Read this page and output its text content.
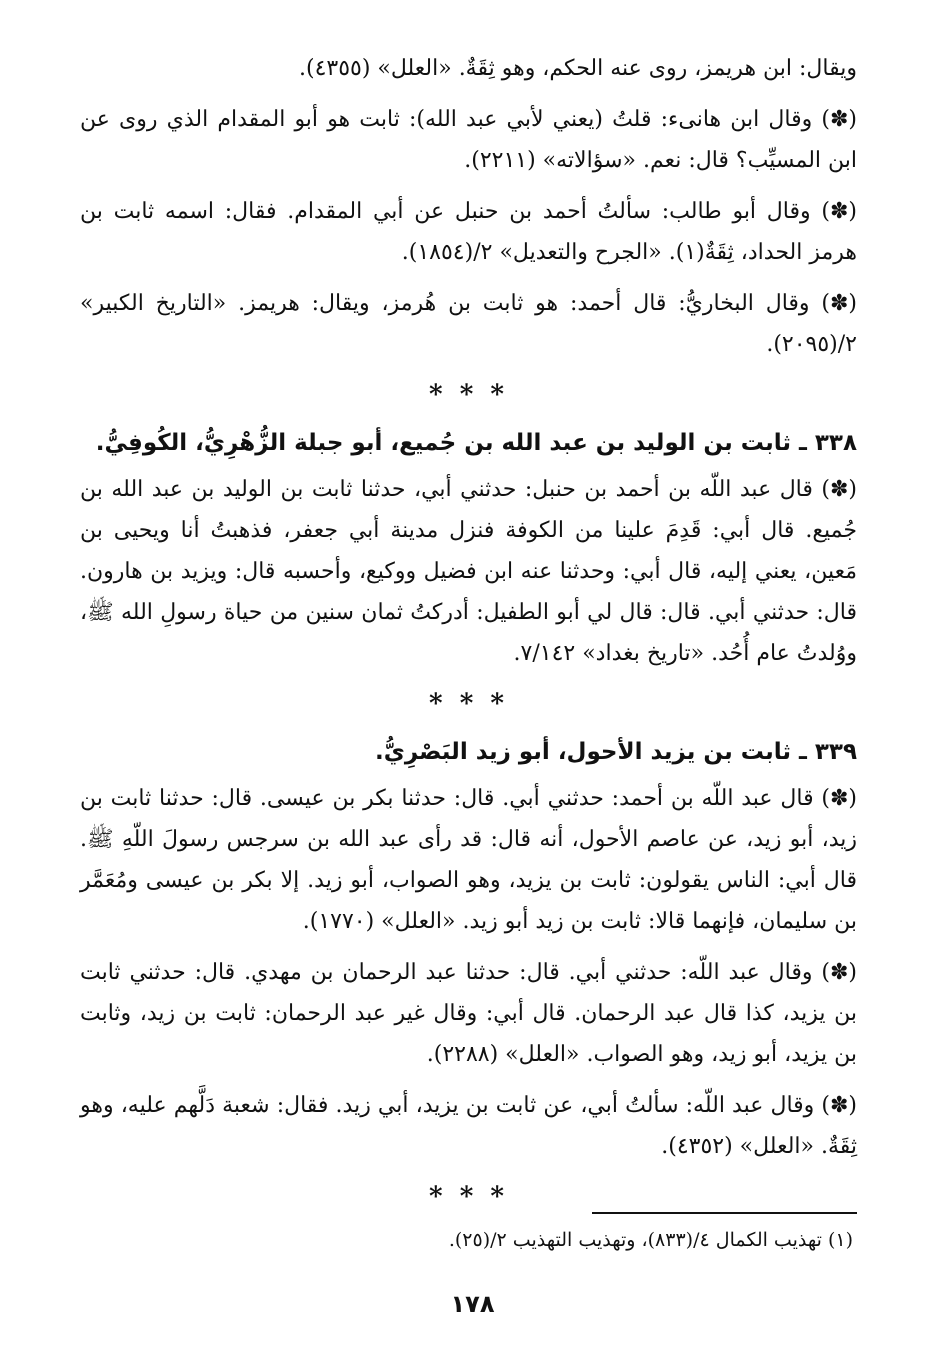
ويقال: ابن هريمز، روى عنه الحكم، وهو ثِقَةٌ. «العلل» (٤٣٥٥).

(✽) وقال ابن هانىء: قلتُ (يعني لأبي عبد الله): ثابت هو أبو المقدام الذي روى عن ابن المسيِّب؟ قال: نعم. «سؤالاته» (٢٢١١).

(✽) وقال أبو طالب: سألتُ أحمد بن حنبل عن أبي المقدام. فقال: اسمه ثابت بن هرمز الحداد، ثِقَةٌ(١). «الجرح والتعديل» ٢/(١٨٥٤).

(✽) وقال البخاريُّ: قال أحمد: هو ثابت بن هُرمز، ويقال: هريمز. «التاريخ الكبير» ٢/(٢٠٩٥).

* * *
٣٣٨ ـ ثابت بن الوليد بن عبد الله بن جُميع، أبو جبلة الزُّهْرِيُّ، الكُوفِيُّ.

(✽) قال عبد اللّه بن أحمد بن حنبل: حدثني أبي، حدثنا ثابت بن الوليد بن عبد الله بن جُميع. قال أبي: قَدِمَ علينا من الكوفة فنزل مدينة أبي جعفر، فذهبتُ أنا ويحيى بن مَعين، يعني إليه، قال أبي: وحدثنا عنه ابن فضيل ووكيع، وأحسبه قال: ويزيد بن هارون. قال: حدثني أبي. قال: قال لي أبو الطفيل: أدركتُ ثمان سنين من حياة رسولِ الله ﷺ، ووُلدتُ عام أُحُد. «تاريخ بغداد» ٧/١٤٢.

* * *
٣٣٩ ـ ثابت بن يزيد الأحول، أبو زيد البَصْرِيُّ.

(✽) قال عبد اللّه بن أحمد: حدثني أبي. قال: حدثنا بكر بن عيسى. قال: حدثنا ثابت بن زيد، أبو زيد، عن عاصم الأحول، أنه قال: قد رأى عبد الله بن سرجس رسولَ اللّهِ ﷺ. قال أبي: الناس يقولون: ثابت بن يزيد، وهو الصواب، أبو زيد. إلا بكر بن عيسى ومُعَمَّر بن سليمان، فإنهما قالا: ثابت بن زيد أبو زيد. «العلل» (١٧٧٠).

(✽) وقال عبد اللّه: حدثني أبي. قال: حدثنا عبد الرحمان بن مهدي. قال: حدثني ثابت بن يزيد، كذا قال عبد الرحمان. قال أبي: وقال غير عبد الرحمان: ثابت بن زيد، وثابت بن يزيد، أبو زيد، وهو الصواب. «العلل» (٢٢٨٨).

(✽) وقال عبد اللّه: سألتُ أبي، عن ثابت بن يزيد، أبي زيد. فقال: شعبة دَلَّهم عليه، وهو ثِقَةٌ. «العلل» (٤٣٥٢).

* * *
(١) تهذيب الكمال ٤/(٨٣٣)، وتهذيب التهذيب ٢/(٢٥).
١٧٨
